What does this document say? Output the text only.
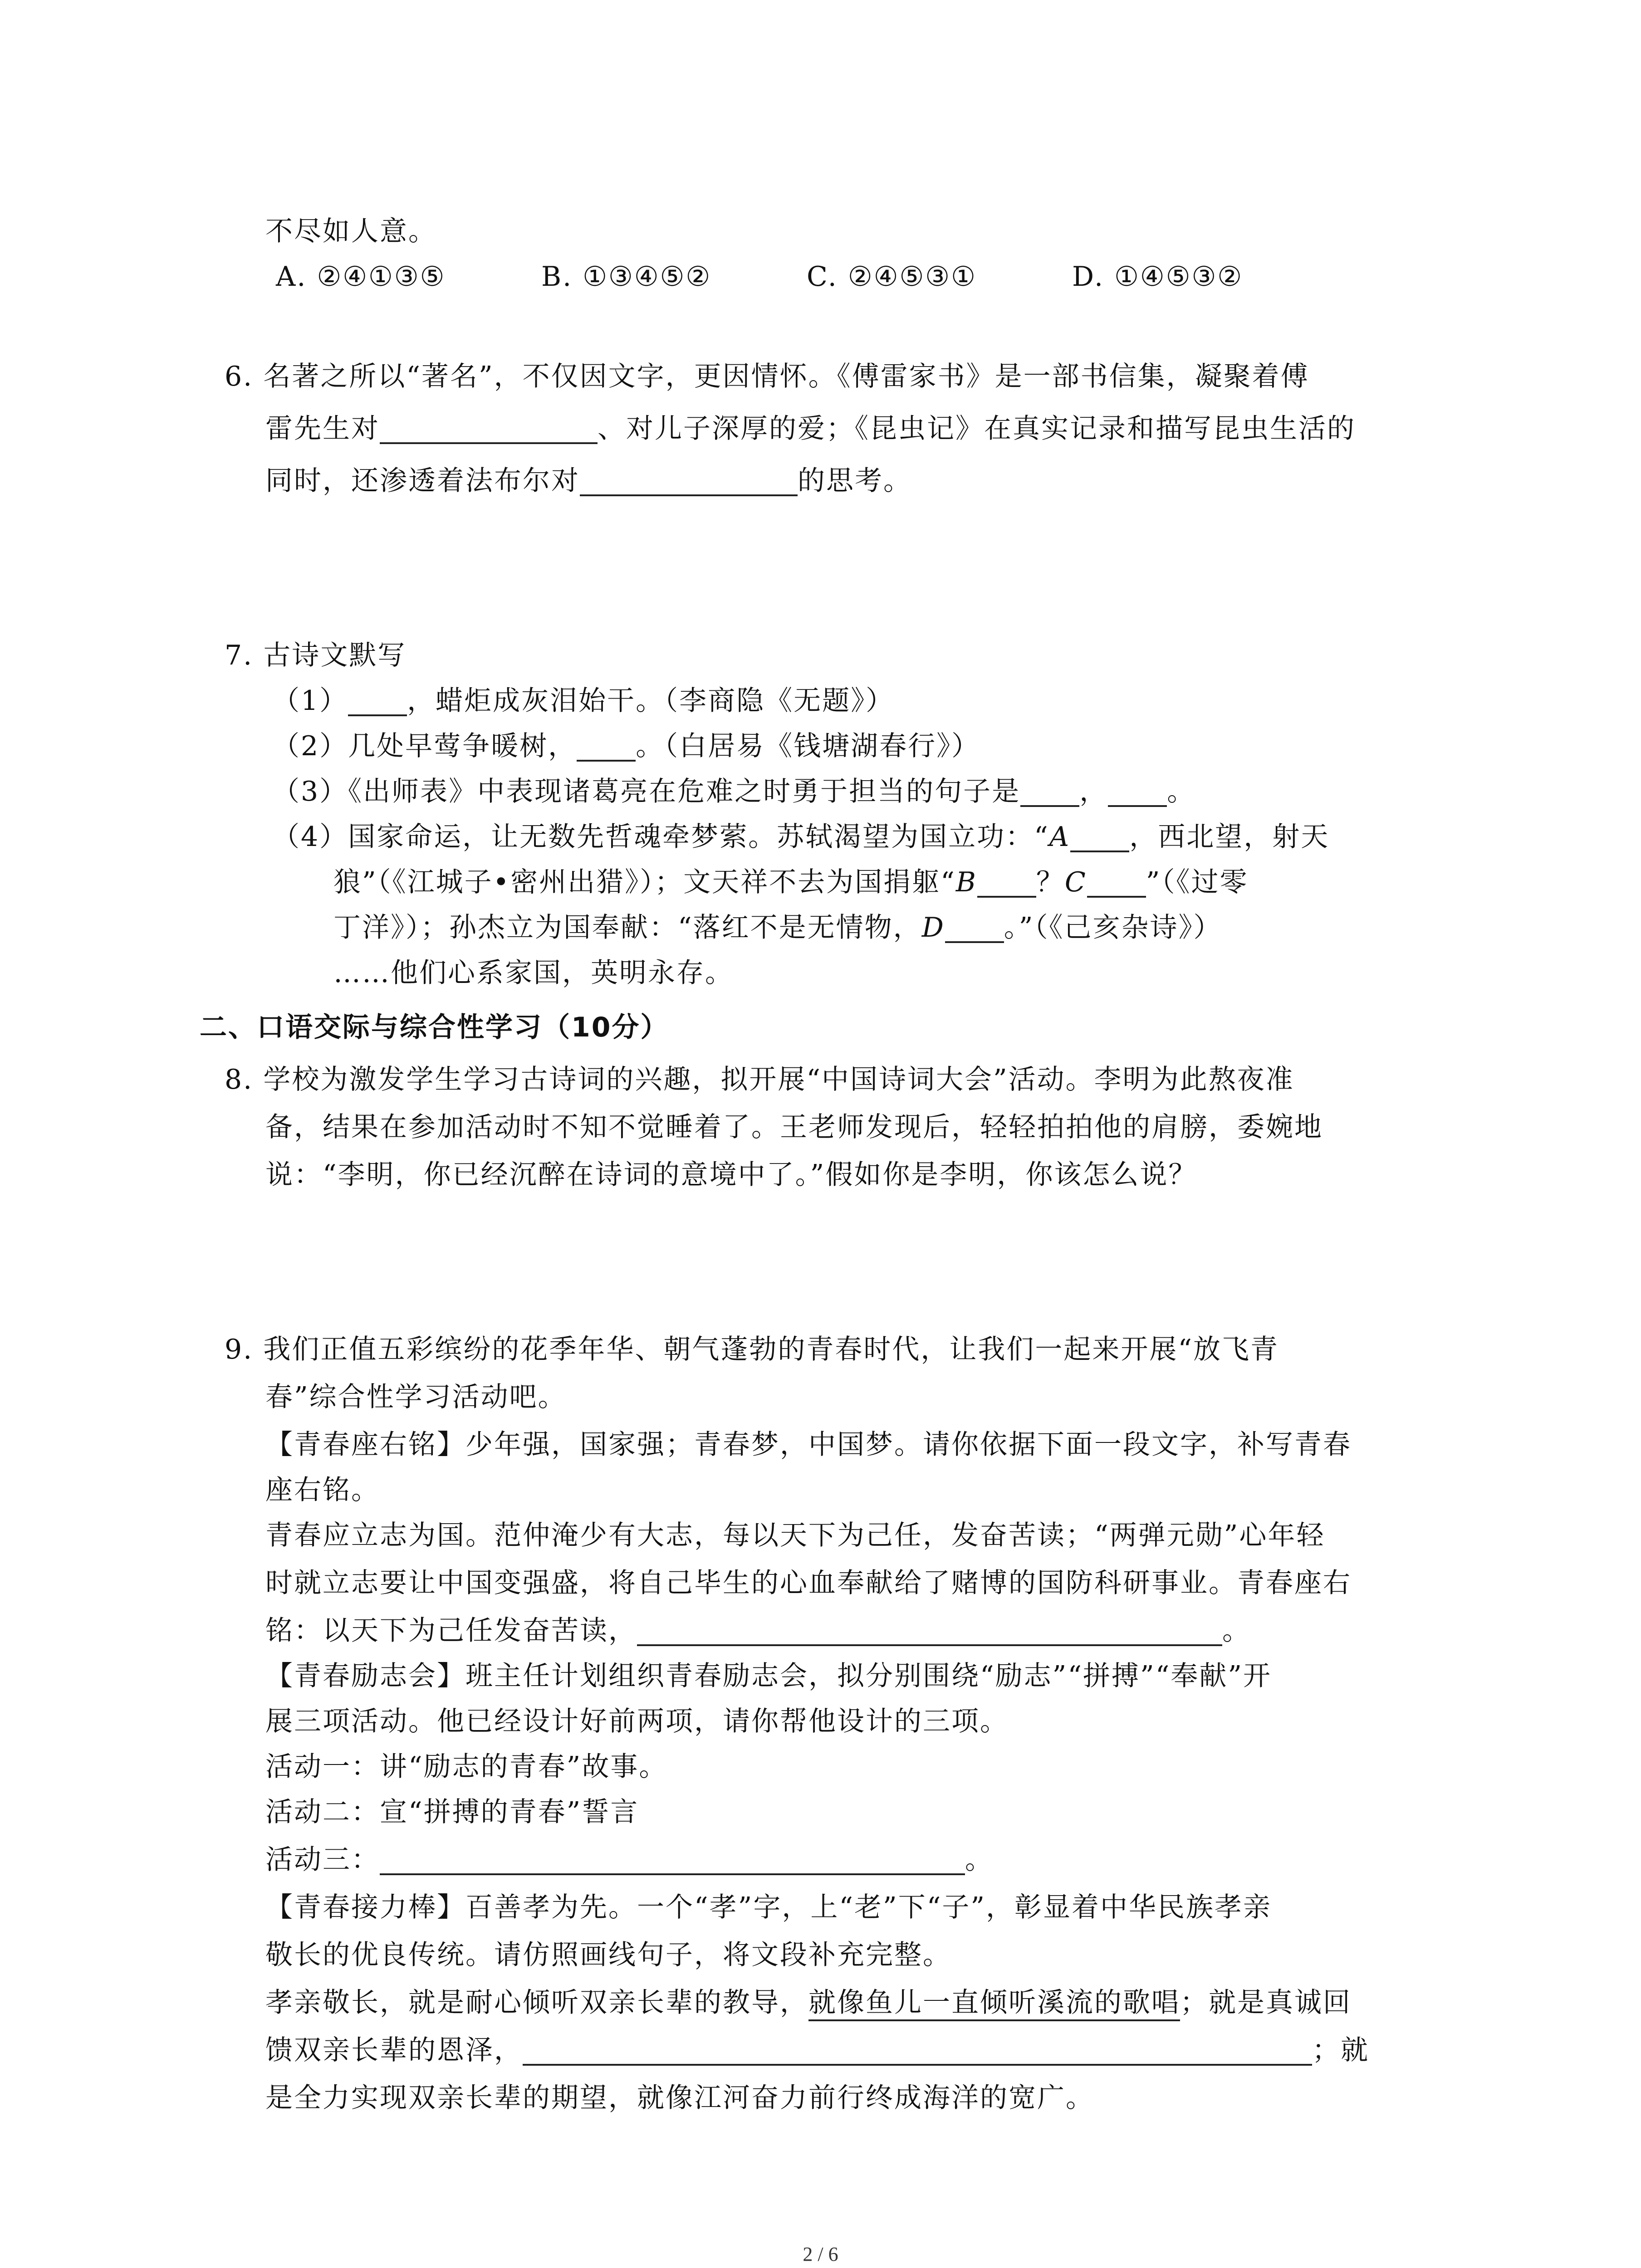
不尽如人意。
A. ②④①③⑤	B. ①③④⑤②	C. ②④⑤③①	D. ①④⑤③②
6. 名著之所以“著名”，不仅因文字，更因情怀。《傅雷家书》是一部书信集，凝聚着傅
雷先生对	、对儿子深厚的爱；《昆虫记》在真实记录和描写昆虫生活的
同时，还渗透着法布尔对	的思考。
7. 古诗文默写
（1） ，蜡炬成灰泪始干。（李商隐《无题》）
（2）几处早莺争暖树， 。（白居易《钱塘湖春行》）
（3）《出师表》中表现诸葛亮在危难之时勇于担当的句子是 ， 。
（4）国家命运，让无数先哲魂牵梦萦。苏轼渴望为国立功：“A ，西北望，射天
狼”（《江城子•密州出猎》）；文天祥不去为国捐躯“B ？C ”（《过零
丁洋》）；孙杰立为国奉献：“落红不是无情物，D 。”（《己亥杂诗》）
……他们心系家国，英明永存。
二、口语交际与综合性学习（10分）
8. 学校为激发学生学习古诗词的兴趣，拟开展“中国诗词大会”活动。李明为此熬夜准
备，结果在参加活动时不知不觉睡着了。王老师发现后，轻轻拍拍他的肩膀，委婉地
说：“李明，你已经沉醉在诗词的意境中了。”假如你是李明，你该怎么说？
9. 我们正值五彩缤纷的花季年华、朝气蓬勃的青春时代，让我们一起来开展“放飞青
春”综合性学习活动吧。
【青春座右铭】少年强，国家强；青春梦，中国梦。请你依据下面一段文字，补写青春
座右铭。
青春应立志为国。范仲淹少有大志，每以天下为己任，发奋苦读；“两弹元勋”心年轻
时就立志要让中国变强盛，将自己毕生的心血奉献给了赌博的国防科研事业。青春座右
铭：以天下为己任发奋苦读，	。
【青春励志会】班主任计划组织青春励志会，拟分别围绕“励志”“拼搏”“奉献”开
展三项活动。他已经设计好前两项，请你帮他设计的三项。
活动一：讲“励志的青春”故事。
活动二：宣“拼搏的青春”誓言
活动三：	。
【青春接力棒】百善孝为先。一个“孝”字，上“老”下“子”，彰显着中华民族孝亲
敬长的优良传统。请仿照画线句子，将文段补充完整。
孝亲敬长，就是耐心倾听双亲长辈的教导，就像鱼儿一直倾听溪流的歌唱；就是真诚回
馈双亲长辈的恩泽，	；就
是全力实现双亲长辈的期望，就像江河奋力前行终成海洋的宽广。
2 / 6
